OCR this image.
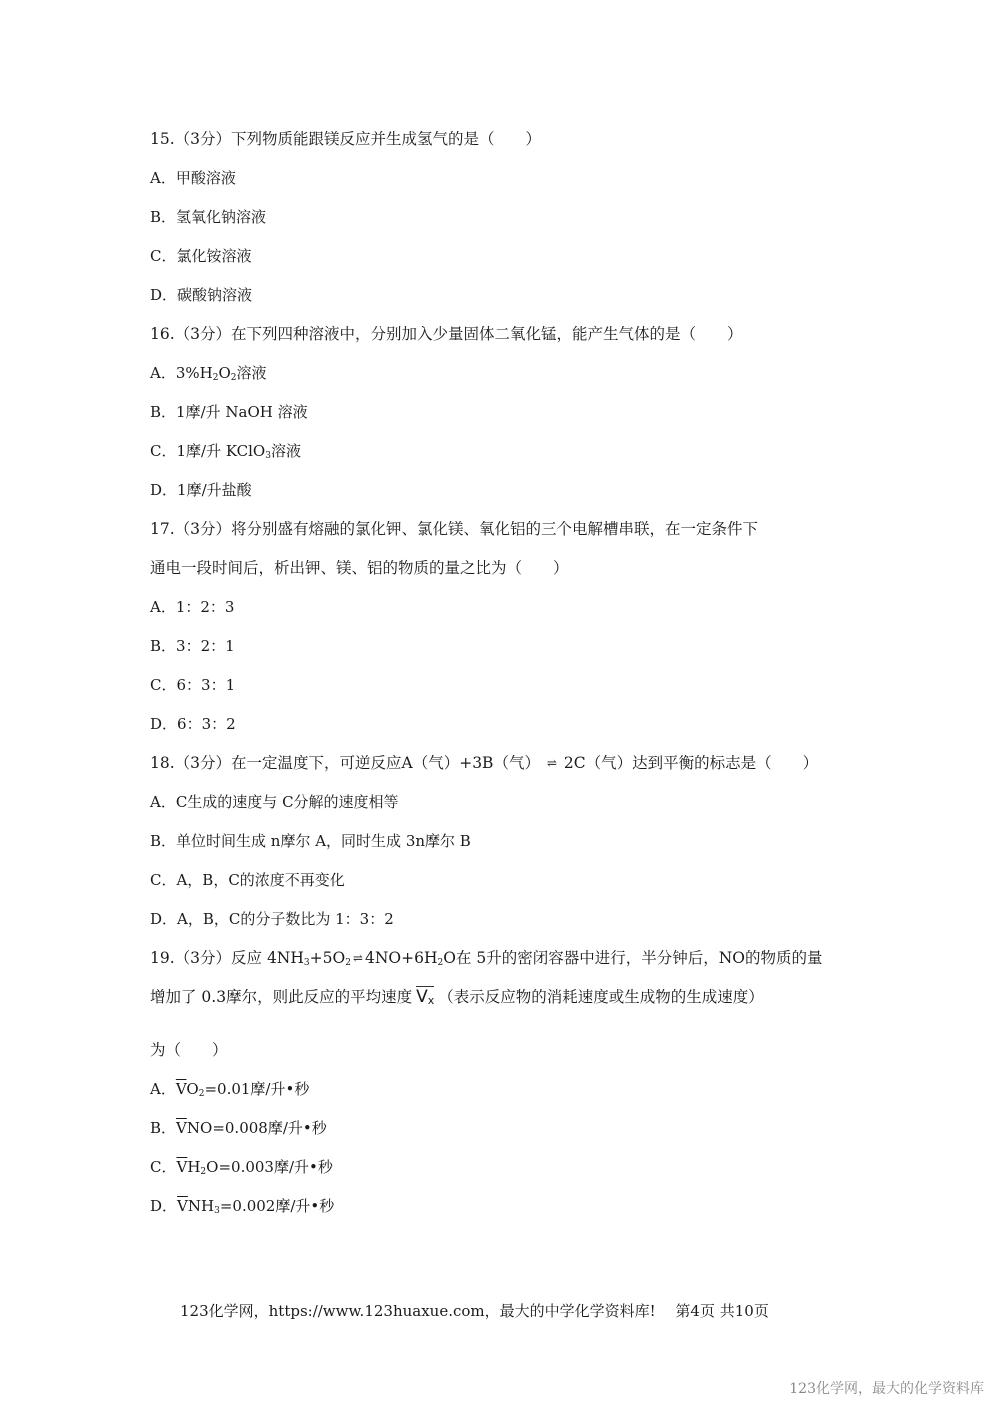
15.（3分）下列物质能跟镁反应并生成氢气的是（　　）
A．甲酸溶液
B．氢氧化钠溶液
C．氯化铵溶液
D．碳酸钠溶液
16.（3分）在下列四种溶液中，分别加入少量固体二氧化锰，能产生气体的是（　　）
A．$3\%H_2O_2$溶液
B．1摩/升 NaOH 溶液
C．1摩/升 KClO$_3$溶液
D．1摩/升盐酸
17.（3分）将分别盛有熔融的氯化钾、氯化镁、氧化铝的三个电解槽串联，在一定条件下
通电一段时间后，析出钾、镁、铝的物质的量之比为（　　）
A．1：2：3
B．3：2：1
C．6：3：1
D．6：3：2
18.（3分）在一定温度下，可逆反应A（气）+3B（气） ⇌ 2C（气）达到平衡的标志是（　　）
A．C生成的速度与 C分解的速度相等
B．单位时间生成 n摩尔 A，同时生成 3n摩尔 B
C．A，B，C的浓度不再变化
D．A，B，C的分子数比为 1：3：2
19.（3分）反应 $4NH_3+5O_2$ ⇌ $4NO+6H_2O$在 5升的密闭容器中进行，半分钟后，NO的物质的量
增加了 0.3摩尔，则此反应的平均速度 $V_x$ （表示反应物的消耗速度或生成物的生成速度）
为（　　）
A．$\overline{V}O_2=0.01$摩/升•秒
B．$\overline{V}NO=0.008$摩/升•秒
C．$\overline{V}H_2O=0.003$摩/升•秒
D．$\overline{V}NH_3=0.002$摩/升•秒
123化学网，https://www.123huaxue.com，最大的中学化学资料库!　 第4页 共10页
123化学网，最大的化学资料库
